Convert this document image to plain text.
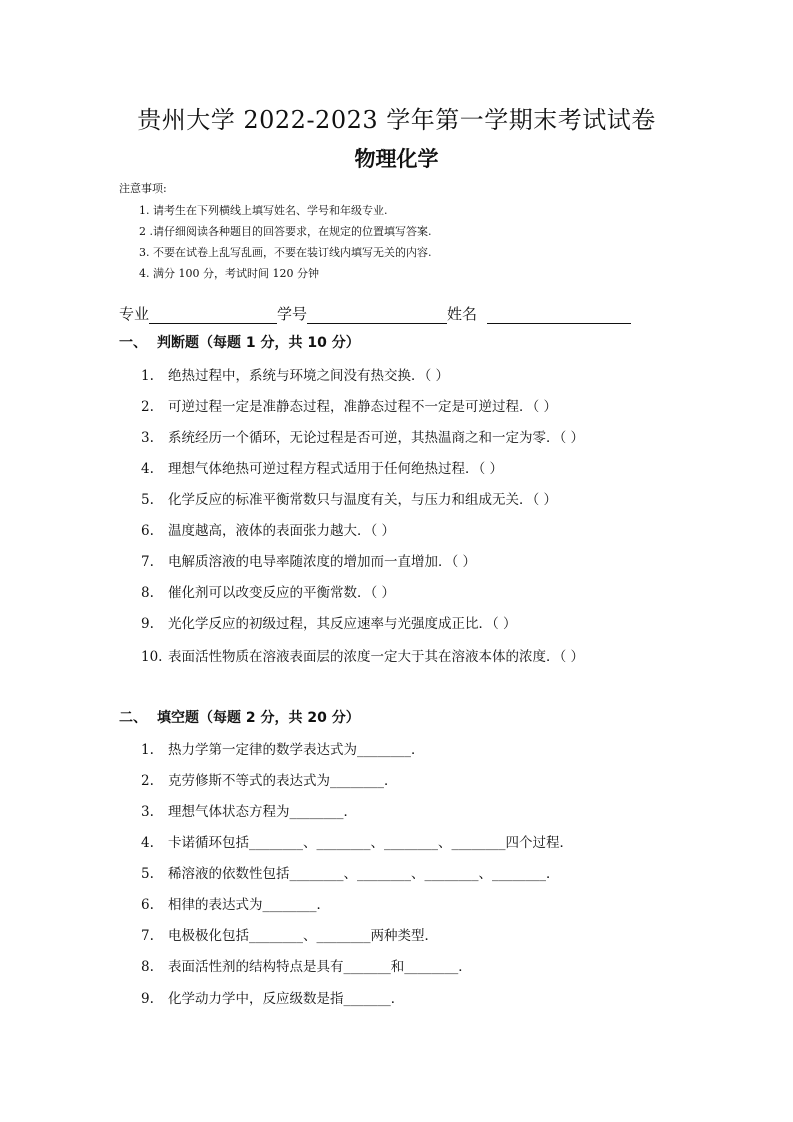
贵州大学 2022-2023 学年第一学期末考试试卷
物理化学
注意事项:
1. 请考生在下列横线上填写姓名、学号和年级专业.
2 .请仔细阅读各种题目的回答要求，在规定的位置填写答案.
3. 不要在试卷上乱写乱画，不要在装订线内填写无关的内容.
4. 满分 100 分，考试时间 120 分钟
专业	学号	姓名
一、 判断题（每题 1 分，共 10 分）
1. 绝热过程中，系统与环境之间没有热交换．（ ）
2. 可逆过程一定是准静态过程，准静态过程不一定是可逆过程．（ ）
3. 系统经历一个循环，无论过程是否可逆，其热温商之和一定为零．（ ）
4. 理想气体绝热可逆过程方程式适用于任何绝热过程．（ ）
5. 化学反应的标准平衡常数只与温度有关，与压力和组成无关．（ ）
6. 温度越高，液体的表面张力越大．（ ）
7. 电解质溶液的电导率随浓度的增加而一直增加．（ ）
8. 催化剂可以改变反应的平衡常数．（ ）
9. 光化学反应的初级过程，其反应速率与光强度成正比．（ ）
10. 表面活性物质在溶液表面层的浓度一定大于其在溶液本体的浓度．（ ）
二、 填空题（每题 2 分，共 20 分）
1. 热力学第一定律的数学表达式为________．
2. 克劳修斯不等式的表达式为________．
3. 理想气体状态方程为________．
4. 卡诺循环包括________、________、________、________四个过程．
5. 稀溶液的依数性包括________、________、________、________．
6. 相律的表达式为________．
7. 电极极化包括________、________两种类型．
8. 表面活性剂的结构特点是具有_______和________．
9. 化学动力学中，反应级数是指_______．
